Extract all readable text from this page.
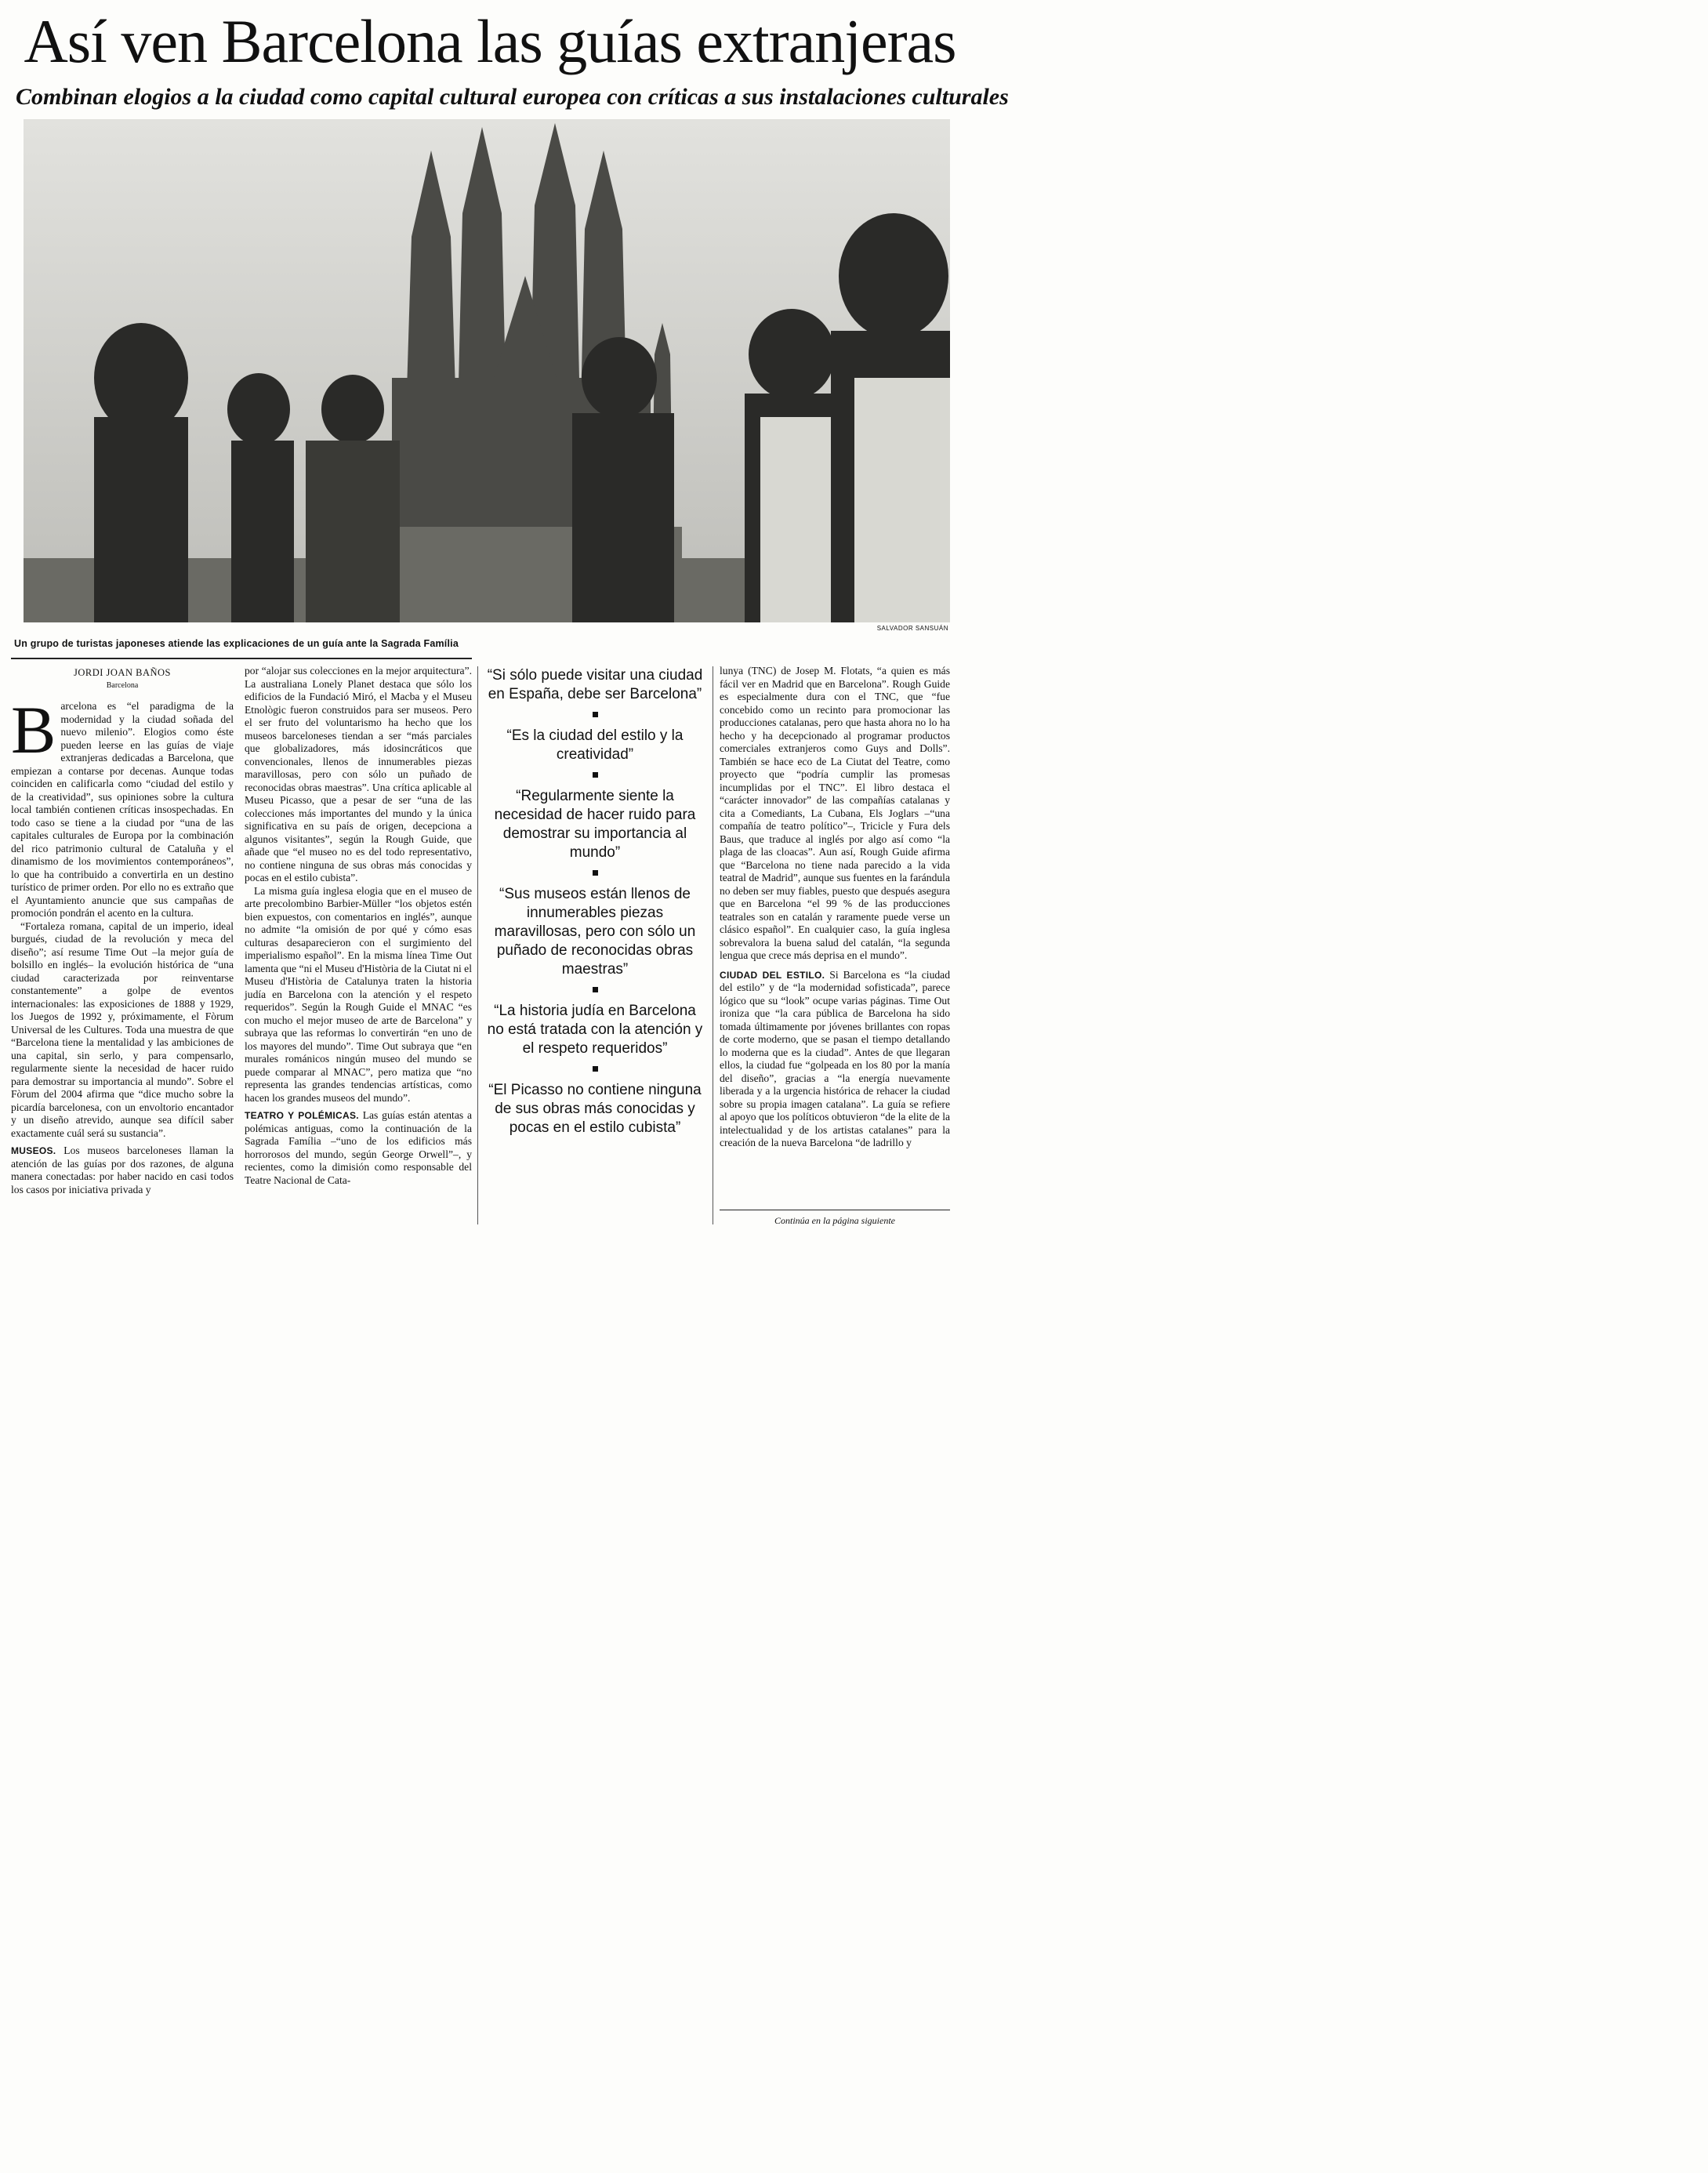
Así ven Barcelona las guías extranjeras
Combinan elogios a la ciudad como capital cultural europea con críticas a sus instalaciones culturales
SALVADOR SANSUÁN
Un grupo de turistas japoneses atiende las explicaciones de un guía ante la Sagrada Família
JORDI JOAN BAÑOS
Barcelona

Barcelona es “el paradigma de la modernidad y la ciudad soñada del nuevo milenio”. Elogios como éste pueden leerse en las guías de viaje extranjeras dedicadas a Barcelona, que empiezan a contarse por decenas. Aunque todas coinciden en calificarla como “ciudad del estilo y de la creatividad”, sus opiniones sobre la cultura local también contienen críticas insospechadas. En todo caso se tiene a la ciudad por “una de las capitales culturales de Europa por la combinación del rico patrimonio cultural de Cataluña y el dinamismo de los movimientos contemporáneos”, lo que ha contribuido a convertirla en un destino turístico de primer orden. Por ello no es extraño que el Ayuntamiento anuncie que sus campañas de promoción pondrán el acento en la cultura.

“Fortaleza romana, capital de un imperio, ideal burgués, ciudad de la revolución y meca del diseño”; así resume Time Out –la mejor guía de bolsillo en inglés– la evolución histórica de “una ciudad caracterizada por reinventarse constantemente” a golpe de eventos internacionales: las exposiciones de 1888 y 1929, los Juegos de 1992 y, próximamente, el Fòrum Universal de les Cultures. Toda una muestra de que “Barcelona tiene la mentalidad y las ambiciones de una capital, sin serlo, y para compensarlo, regularmente siente la necesidad de hacer ruido para demostrar su importancia al mundo”. Sobre el Fòrum del 2004 afirma que “dice mucho sobre la picardía barcelonesa, con un envoltorio encantador y un diseño atrevido, aunque sea difícil saber exactamente cuál será su sustancia”.

MUSEOS. Los museos barceloneses llaman la atención de las guías por dos razones, de alguna manera conectadas: por haber nacido en casi todos los casos por iniciativa privada y

por “alojar sus colecciones en la mejor arquitectura”. La australiana Lonely Planet destaca que sólo los edificios de la Fundació Miró, el Macba y el Museu Etnològic fueron construidos para ser museos. Pero el ser fruto del voluntarismo ha hecho que los museos barceloneses tiendan a ser “más parciales que globalizadores, más idosincráticos que convencionales, llenos de innumerables piezas maravillosas, pero con sólo un puñado de reconocidas obras maestras”. Una crítica aplicable al Museu Picasso, que a pesar de ser “una de las colecciones más importantes del mundo y la única significativa en su país de origen, decepciona a algunos visitantes”, según la Rough Guide, que añade que “el museo no es del todo representativo, no contiene ninguna de sus obras más conocidas y pocas en el estilo cubista”.

La misma guía inglesa elogia que en el museo de arte precolombino Barbier-Müller “los objetos estén bien expuestos, con comentarios en inglés”, aunque no admite “la omisión de por qué y cómo esas culturas desaparecieron con el surgimiento del imperialismo español”. En la misma línea Time Out lamenta que “ni el Museu d'Història de la Ciutat ni el Museu d'Història de Catalunya traten la historia judía en Barcelona con la atención y el respeto requeridos”. Según la Rough Guide el MNAC “es con mucho el mejor museo de arte de Barcelona” y subraya que las reformas lo convertirán “en uno de los mayores del mundo”. Time Out subraya que “en murales románicos ningún museo del mundo se puede comparar al MNAC”, pero matiza que “no representa las grandes tendencias artísticas, como hacen los grandes museos del mundo”.

TEATRO Y POLÉMICAS. Las guías están atentas a polémicas antiguas, como la continuación de la Sagrada Família –“uno de los edificios más horrorosos del mundo, según George Orwell”–, y recientes, como la dimisión como responsable del Teatre Nacional de Cata-

“Si sólo puede visitar una ciudad en España, debe ser Barcelona”

“Es la ciudad del estilo y la creatividad”

“Regularmente siente la necesidad de hacer ruido para demostrar su importancia al mundo”

“Sus museos están llenos de innumerables piezas maravillosas, pero con sólo un puñado de reconocidas obras maestras”

“La historia judía en Barcelona no está tratada con la atención y el respeto requeridos”

“El Picasso no contiene ninguna de sus obras más conocidas y pocas en el estilo cubista”

lunya (TNC) de Josep M. Flotats, “a quien es más fácil ver en Madrid que en Barcelona”. Rough Guide es especialmente dura con el TNC, que “fue concebido como un recinto para promocionar las producciones catalanas, pero que hasta ahora no lo ha hecho y ha decepcionado al programar productos comerciales extranjeros como Guys and Dolls”. También se hace eco de La Ciutat del Teatre, como proyecto que “podría cumplir las promesas incumplidas por el TNC”. El libro destaca el “carácter innovador” de las compañías catalanas y cita a Comediants, La Cubana, Els Joglars –“una compañía de teatro político”–, Tricicle y Fura dels Baus, que traduce al inglés por algo así como “la plaga de las cloacas”. Aun así, Rough Guide afirma que “Barcelona no tiene nada parecido a la vida teatral de Madrid”, aunque sus fuentes en la farándula no deben ser muy fiables, puesto que después asegura que en Barcelona “el 99 % de las producciones teatrales son en catalán y raramente puede verse un clásico español”. En cualquier caso, la guía inglesa sobrevalora la buena salud del catalán, “la segunda lengua que crece más deprisa en el mundo”.

CIUDAD DEL ESTILO. Si Barcelona es “la ciudad del estilo” y de “la modernidad sofisticada”, parece lógico que su “look” ocupe varias páginas. Time Out ironiza que “la cara pública de Barcelona ha sido tomada últimamente por jóvenes brillantes con ropas de corte moderno, que se pasan el tiempo detallando lo moderna que es la ciudad”. Antes de que llegaran ellos, la ciudad fue “golpeada en los 80 por la manía del diseño”, gracias a “la energía nuevamente liberada y a la urgencia histórica de rehacer la ciudad sobre su propia imagen catalana”. La guía se refiere al apoyo que los políticos obtuvieron “de la elite de la intelectualidad y de los artistas catalanes” para la creación de la nueva Barcelona “de ladrillo y

Continúa en la página siguiente
